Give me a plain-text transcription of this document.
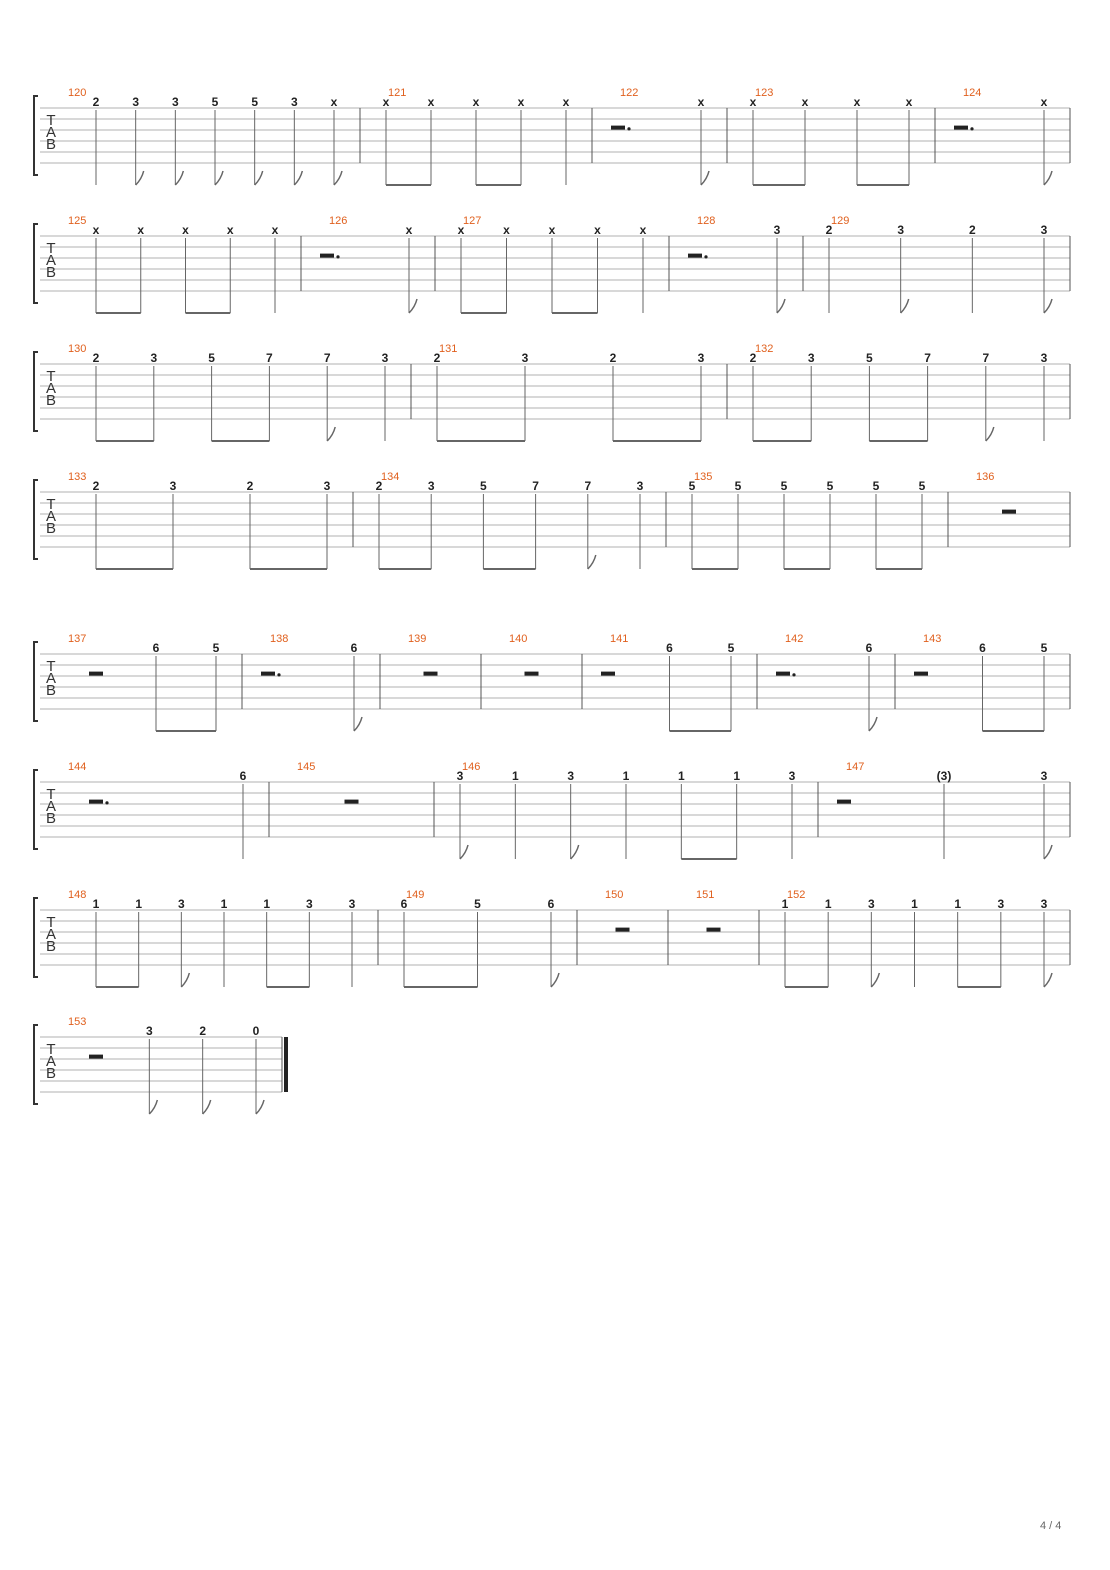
T
A
B
120
2	3	3	5	5	3	x
121
x	x	x	x	x
122
x
123
x	x	x	x
124
x
T
A
B
125
x	x	x	x	x
126
x
127
x	x	x	x	x
128
3
129
2	3	2	3
T
A
B
130
2	3	5	7	7	3
131
2	3	2	3
132
2	3	5	7	7	3
T
A
B
133
2	3	2	3
134
2	3	5	7	7	3
135
5	5	5	5	5	5
136
T
A
B
137
6	5
138
6
139	140	141
6	5
142
6
143
6	5
T
A
B
144
6
145	146
3	1	3	1	1	1	3
147
(3)	3
T
A
B
148
1	1	3	1	1	3	3
149
6	5	6
150	151	152
1	1	3	1	1	3	3
T
A
B
153
3	2	0
4 / 4
